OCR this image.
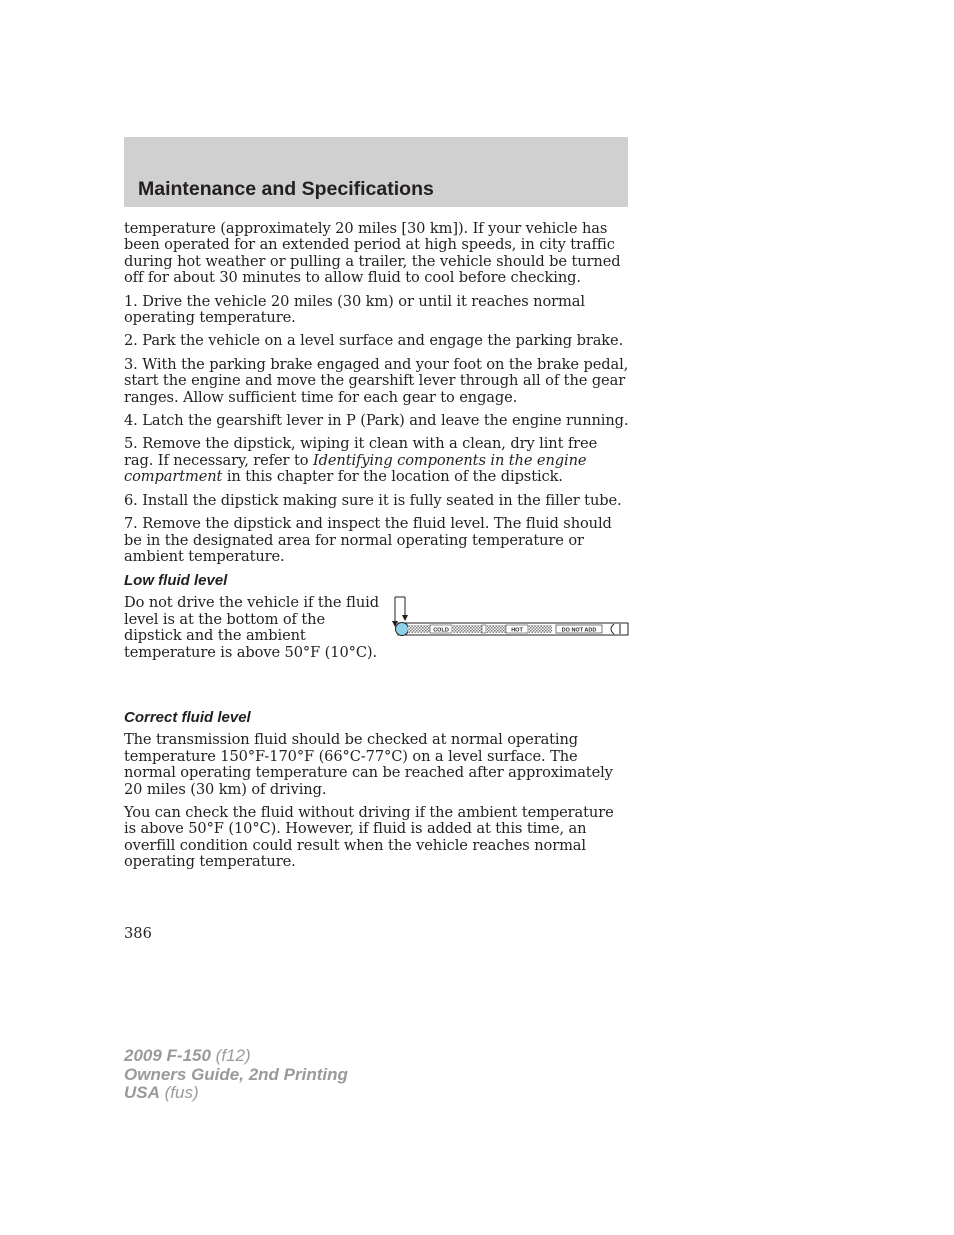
Maintenance and Specifications

temperature (approximately 20 miles [30 km]). If your vehicle has been operated for an extended period at high speeds, in city traffic during hot weather or pulling a trailer, the vehicle should be turned off for about 30 minutes to allow fluid to cool before checking.

1. Drive the vehicle 20 miles (30 km) or until it reaches normal operating temperature.

2. Park the vehicle on a level surface and engage the parking brake.

3. With the parking brake engaged and your foot on the brake pedal, start the engine and move the gearshift lever through all of the gear ranges. Allow sufficient time for each gear to engage.

4. Latch the gearshift lever in P (Park) and leave the engine running.

5. Remove the dipstick, wiping it clean with a clean, dry lint free rag. If necessary, refer to Identifying components in the engine compartment in this chapter for the location of the dipstick.

6. Install the dipstick making sure it is fully seated in the filler tube.

7. Remove the dipstick and inspect the fluid level. The fluid should be in the designated area for normal operating temperature or ambient temperature.

Low fluid level

Do not drive the vehicle if the fluid level is at the bottom of the dipstick and the ambient temperature is above 50°F (10°C).

COLD	HOT	DO NOT ADD
Correct fluid level

The transmission fluid should be checked at normal operating temperature 150°F-170°F (66°C-77°C) on a level surface. The normal operating temperature can be reached after approximately 20 miles (30 km) of driving.

You can check the fluid without driving if the ambient temperature is above 50°F (10°C). However, if fluid is added at this time, an overfill condition could result when the vehicle reaches normal operating temperature.

386
2009 F-150 (f12)
Owners Guide, 2nd Printing
USA (fus)
